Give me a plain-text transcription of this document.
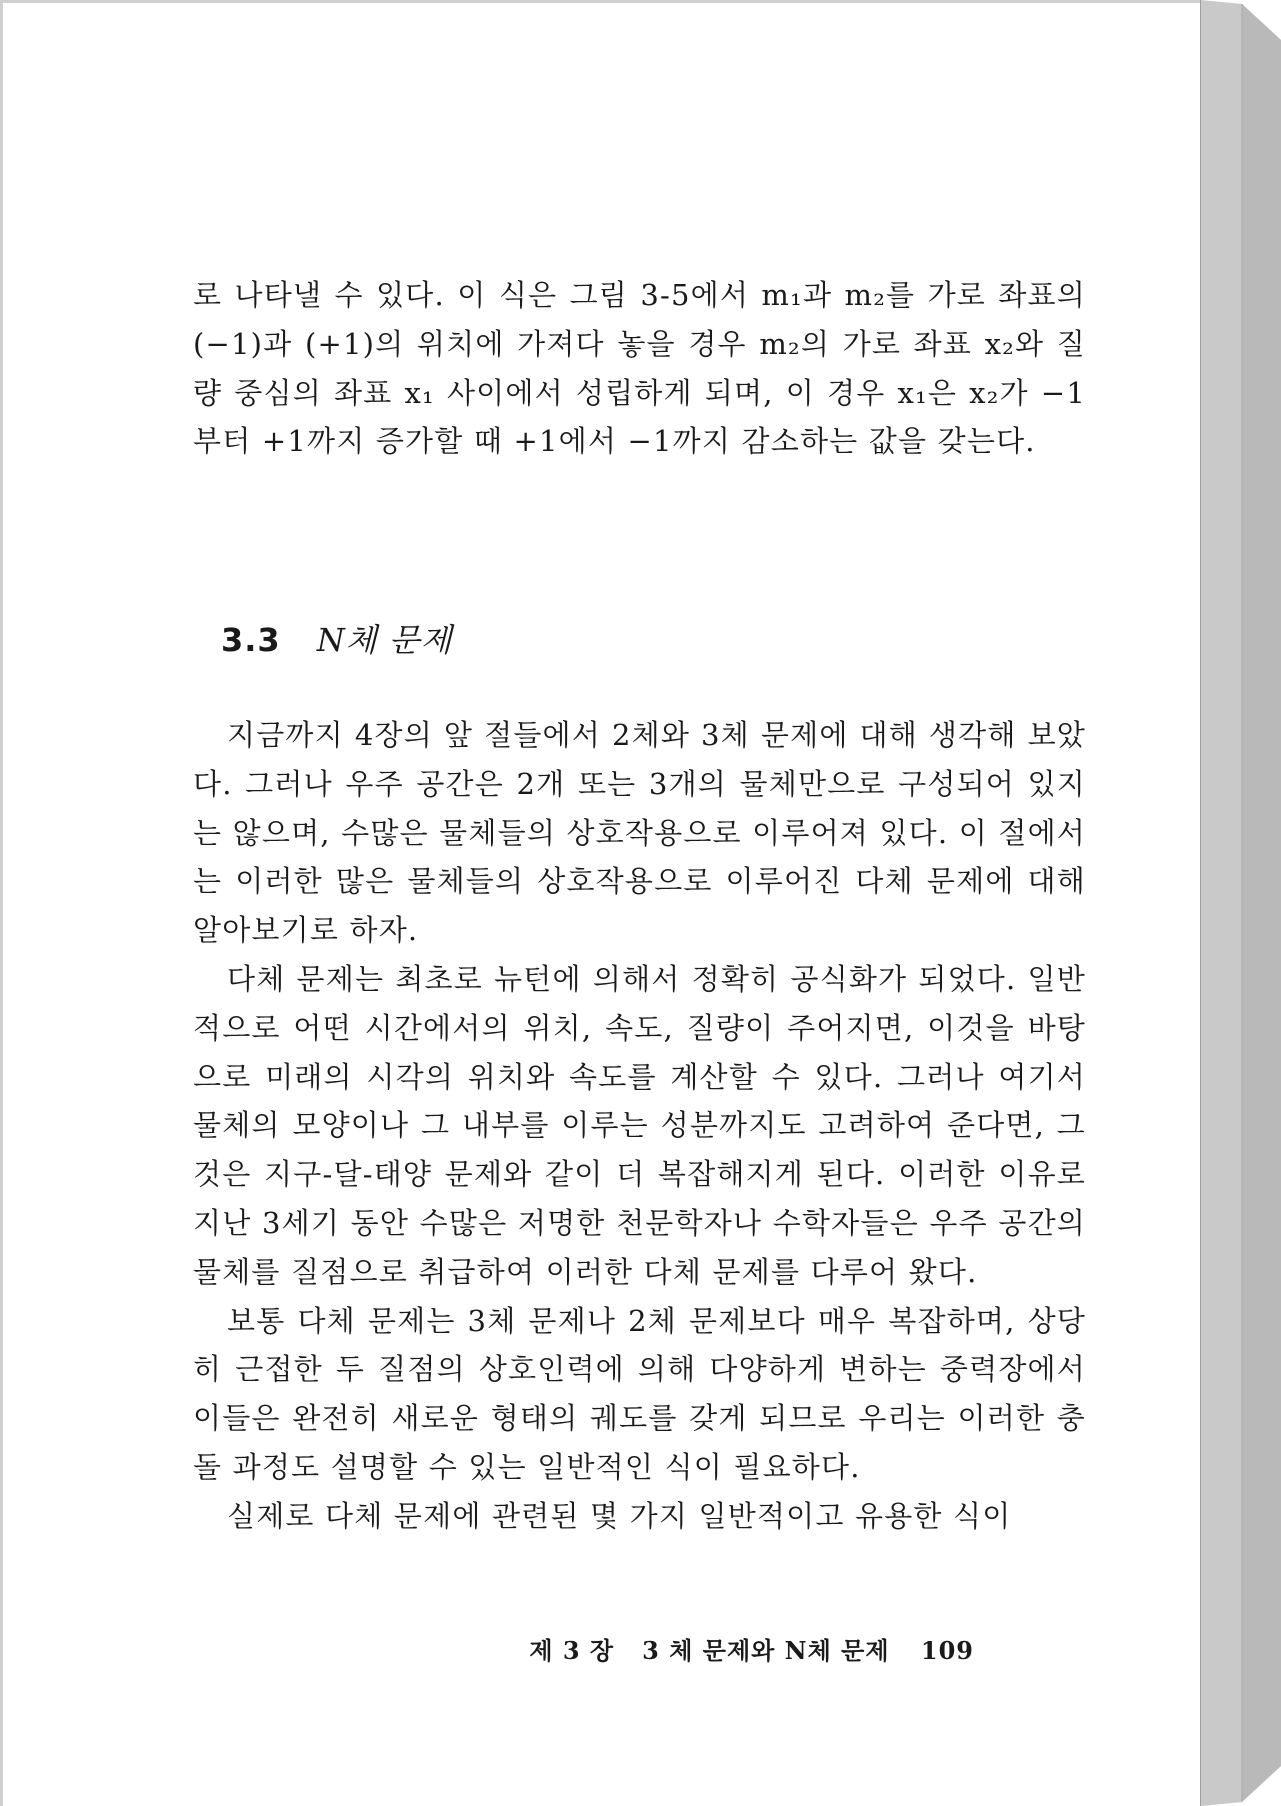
로 나타낼 수 있다. 이 식은 그림 3-5에서 m₁과 m₂를 가로 좌표의 (−1)과 (+1)의 위치에 가져다 놓을 경우 m₂의 가로 좌표 x₂와 질량 중심의 좌표 x₁ 사이에서 성립하게 되며, 이 경우 x₁은 x₂가 −1부터 +1까지 증가할 때 +1에서 −1까지 감소하는 값을 갖는다.

3.3 N체 문제

지금까지 4장의 앞 절들에서 2체와 3체 문제에 대해 생각해 보았다. 그러나 우주 공간은 2개 또는 3개의 물체만으로 구성되어 있지는 않으며, 수많은 물체들의 상호작용으로 이루어져 있다. 이 절에서는 이러한 많은 물체들의 상호작용으로 이루어진 다체 문제에 대해 알아보기로 하자.

다체 문제는 최초로 뉴턴에 의해서 정확히 공식화가 되었다. 일반적으로 어떤 시간에서의 위치, 속도, 질량이 주어지면, 이것을 바탕으로 미래의 시각의 위치와 속도를 계산할 수 있다. 그러나 여기서 물체의 모양이나 그 내부를 이루는 성분까지도 고려하여 준다면, 그것은 지구-달-태양 문제와 같이 더 복잡해지게 된다. 이러한 이유로 지난 3세기 동안 수많은 저명한 천문학자나 수학자들은 우주 공간의 물체를 질점으로 취급하여 이러한 다체 문제를 다루어 왔다.

보통 다체 문제는 3체 문제나 2체 문제보다 매우 복잡하며, 상당히 근접한 두 질점의 상호인력에 의해 다양하게 변하는 중력장에서 이들은 완전히 새로운 형태의 궤도를 갖게 되므로 우리는 이러한 충돌 과정도 설명할 수 있는 일반적인 식이 필요하다.

실제로 다체 문제에 관련된 몇 가지 일반적이고 유용한 식이

제 3 장 3 체 문제와 N체 문제 109
